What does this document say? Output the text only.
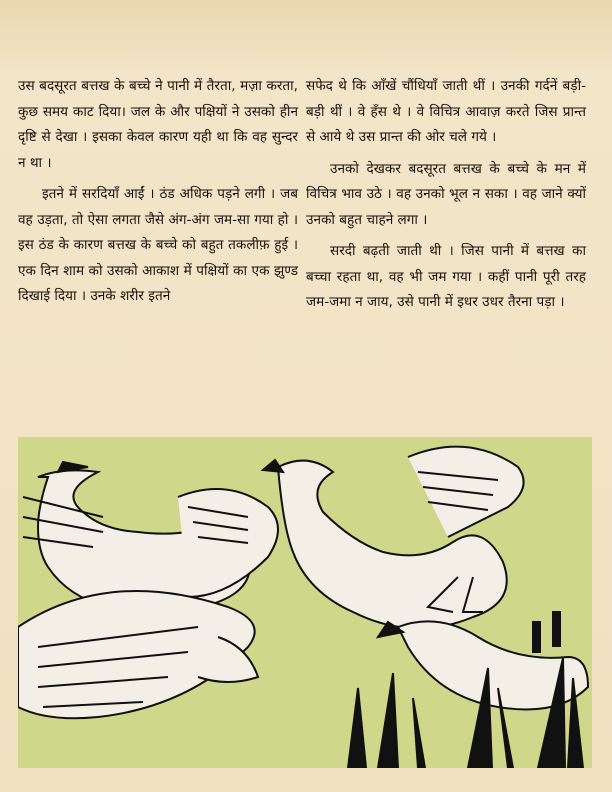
उस बदसूरत बत्तख के बच्चे ने पानी में तैरता, मज़ा करता, कुछ समय काट दिया। जल के और पक्षियों ने उसको हीन दृष्टि से देखा । इसका केवल कारण यही था कि वह सुन्दर न था ।

इतने में सरदियाँ आईं । ठंड अधिक पड़ने लगी । जब वह उड़ता, तो ऐसा लगता जैसे अंग-अंग जम-सा गया हो । इस ठंड के कारण बत्तख के बच्चे को बहुत तकलीफ़ हुई । एक दिन शाम को उसको आकाश में पक्षियों का एक झुण्ड दिखाई दिया । उनके शरीर इतने

सफेद थे कि आँखें चौंधियाँ जाती थीं । उनकी गर्दनें बड़ी-बड़ी थीं । वे हँस थे । वे विचित्र आवाज़ करते जिस प्रान्त से आये थे उस प्रान्त की ओर चले गये ।

उनको देखकर बदसूरत बत्तख के बच्चे के मन में विचित्र भाव उठे । वह उनको भूल न सका । वह जाने क्यों उनको बहुत चाहने लगा ।

सरदी बढ़ती जाती थी । जिस पानी में बत्तख का बच्चा रहता था, वह भी जम गया । कहीं पानी पूरी तरह जम-जमा न जाय, उसे पानी में इधर उधर तैरना पड़ा ।
